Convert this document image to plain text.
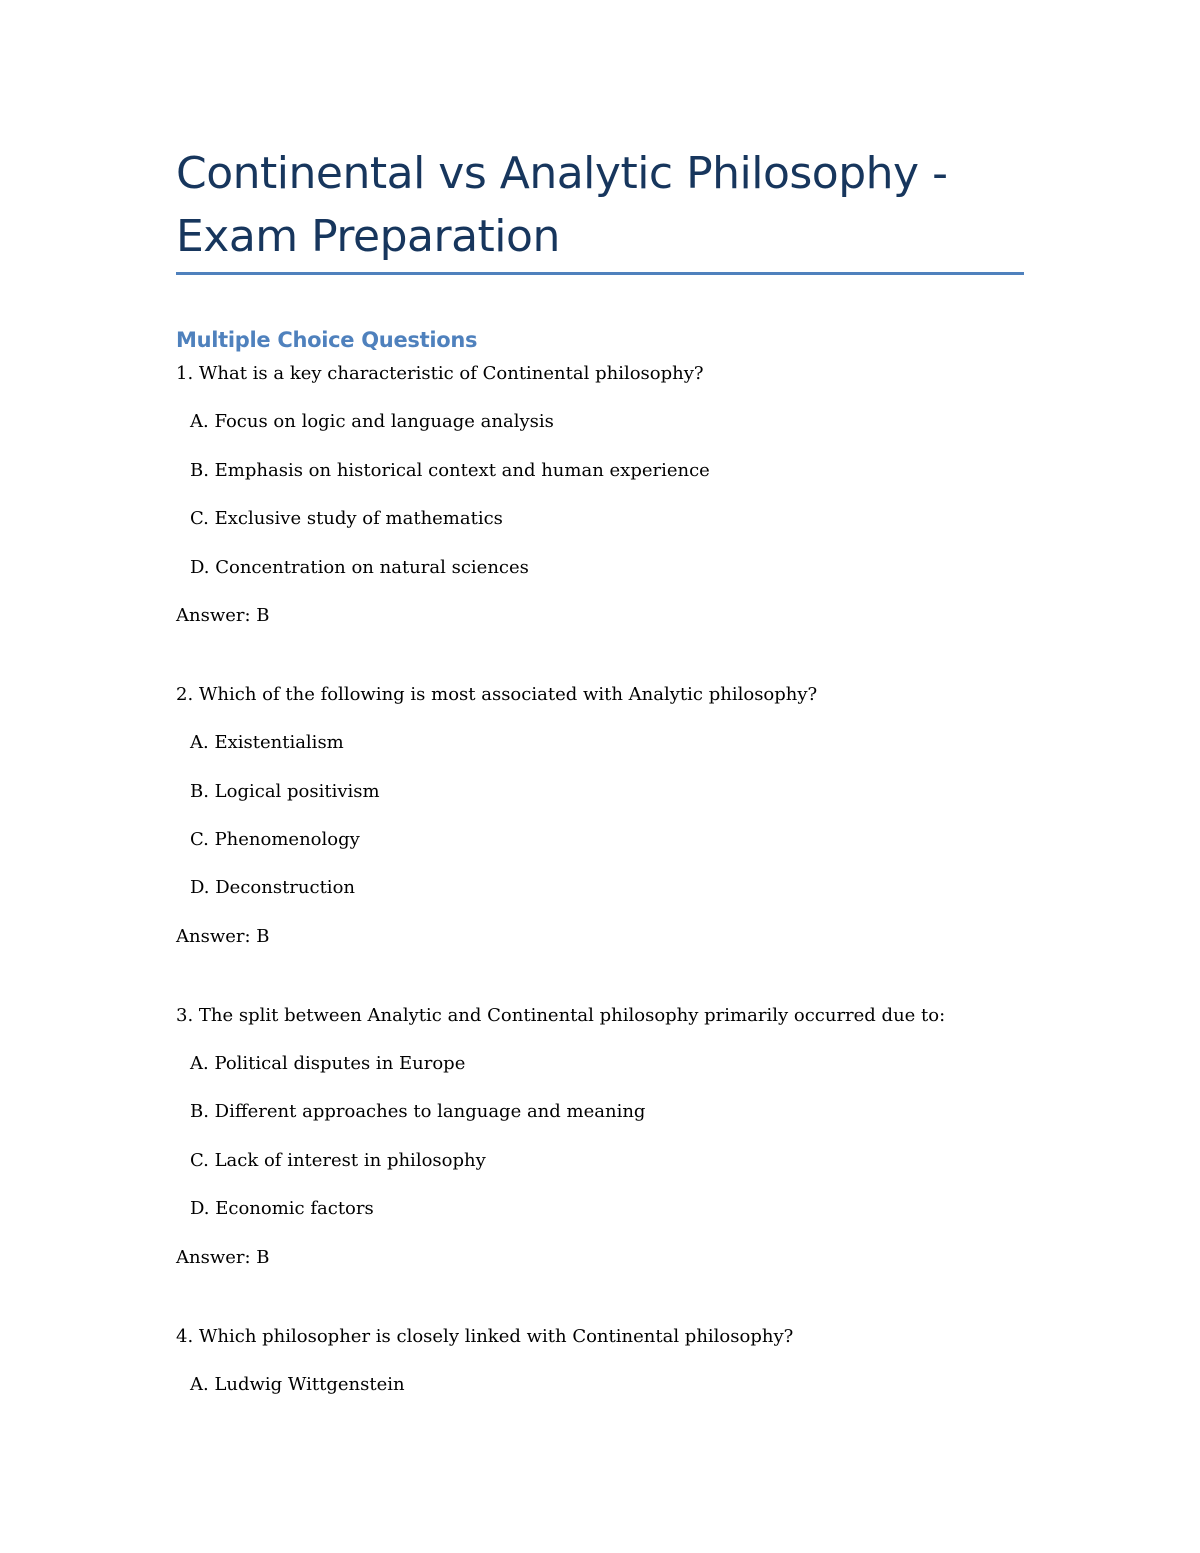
Continental vs Analytic Philosophy - Exam Preparation
Multiple Choice Questions
1. What is a key characteristic of Continental philosophy?
A. Focus on logic and language analysis
B. Emphasis on historical context and human experience
C. Exclusive study of mathematics
D. Concentration on natural sciences
Answer: B
2. Which of the following is most associated with Analytic philosophy?
A. Existentialism
B. Logical positivism
C. Phenomenology
D. Deconstruction
Answer: B
3. The split between Analytic and Continental philosophy primarily occurred due to:
A. Political disputes in Europe
B. Different approaches to language and meaning
C. Lack of interest in philosophy
D. Economic factors
Answer: B
4. Which philosopher is closely linked with Continental philosophy?
A. Ludwig Wittgenstein
